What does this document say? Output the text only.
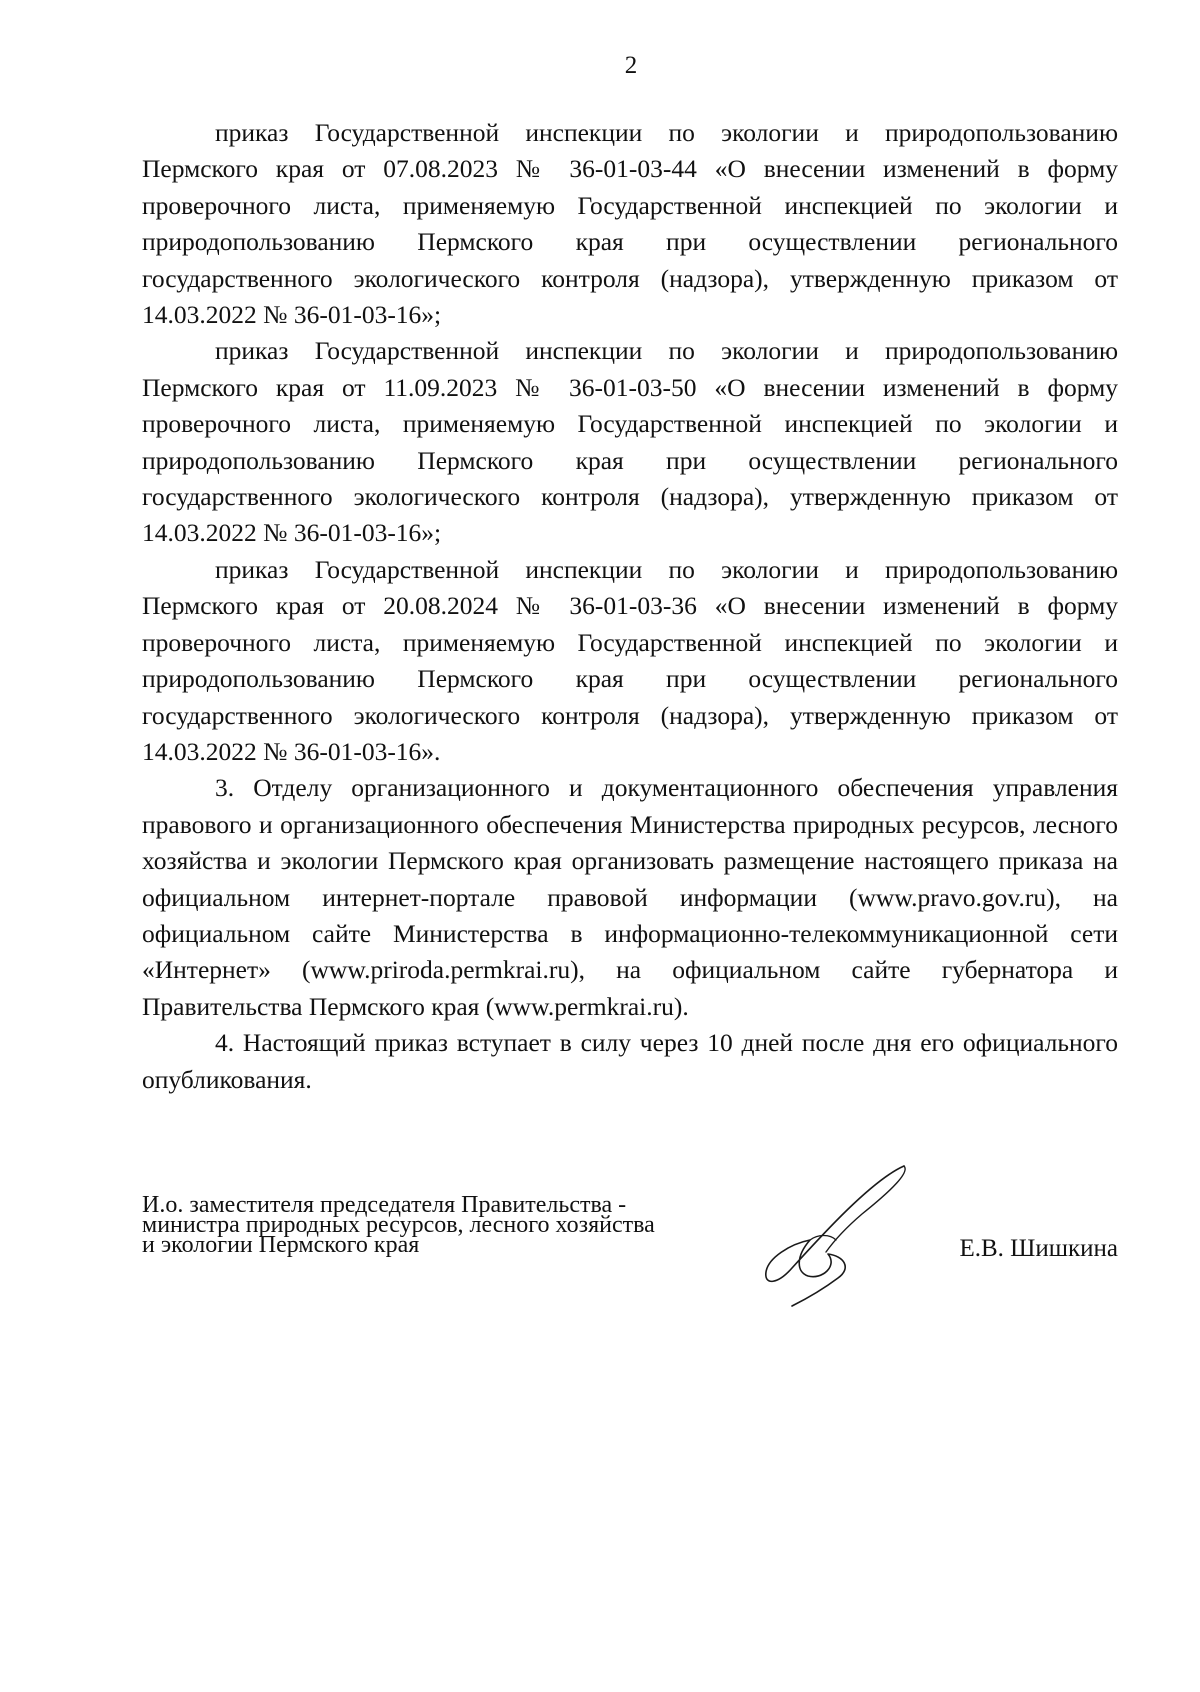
2

приказ Государственной инспекции по экологии и природопользованию Пермского края от 07.08.2023 № 36-01-03-44 «О внесении изменений в форму проверочного листа, применяемую Государственной инспекцией по экологии и природопользованию Пермского края при осуществлении регионального государственного экологического контроля (надзора), утвержденную приказом от 14.03.2022 № 36-01-03-16»;

приказ Государственной инспекции по экологии и природопользованию Пермского края от 11.09.2023 № 36-01-03-50 «О внесении изменений в форму проверочного листа, применяемую Государственной инспекцией по экологии и природопользованию Пермского края при осуществлении регионального государственного экологического контроля (надзора), утвержденную приказом от 14.03.2022 № 36-01-03-16»;

приказ Государственной инспекции по экологии и природопользованию Пермского края от 20.08.2024 № 36-01-03-36 «О внесении изменений в форму проверочного листа, применяемую Государственной инспекцией по экологии и природопользованию Пермского края при осуществлении регионального государственного экологического контроля (надзора), утвержденную приказом от 14.03.2022 № 36-01-03-16».

3. Отделу организационного и документационного обеспечения управления правового и организационного обеспечения Министерства природных ресурсов, лесного хозяйства и экологии Пермского края организовать размещение настоящего приказа на официальном интернет-портале правовой информации (www.pravo.gov.ru), на официальном сайте Министерства в информационно-телекоммуникационной сети «Интернет» (www.priroda.permkrai.ru), на официальном сайте губернатора и Правительства Пермского края (www.permkrai.ru).

4. Настоящий приказ вступает в силу через 10 дней после дня его официального опубликования.

И.о. заместителя председателя Правительства -
министра природных ресурсов, лесного хозяйства
и экологии Пермского края	Е.В. Шишкина
